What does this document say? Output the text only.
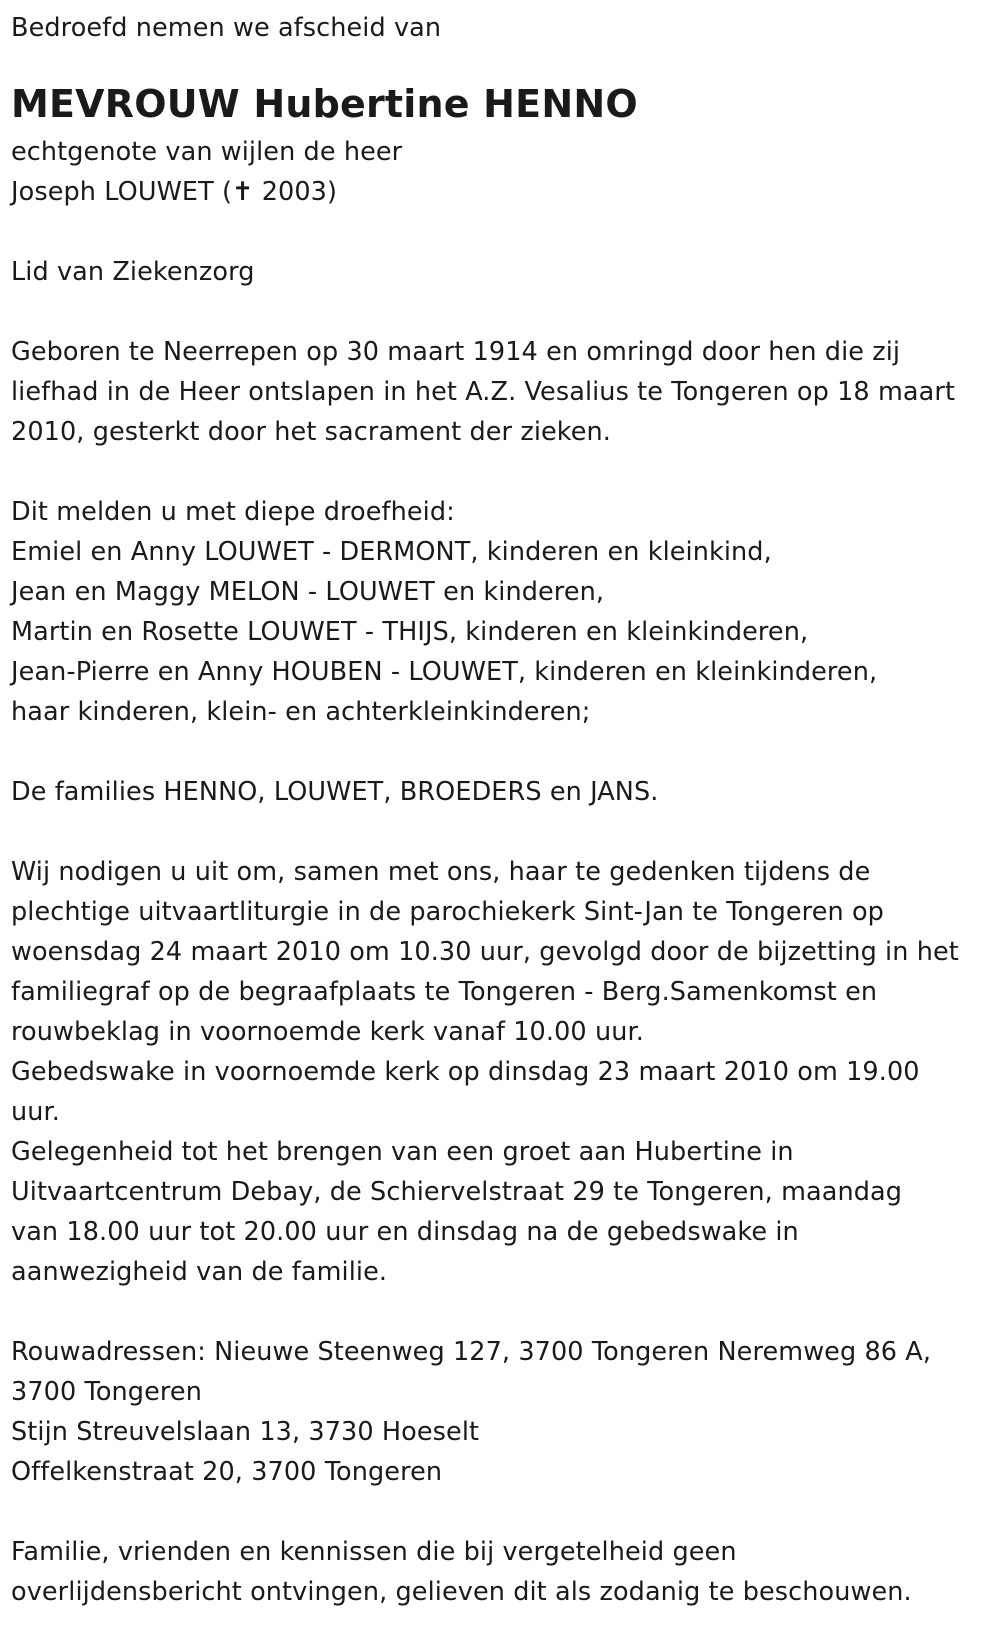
Bedroefd nemen we afscheid van
MEVROUW Hubertine HENNO
echtgenote van wijlen de heer
Joseph LOUWET (✝ 2003)
Lid van Ziekenzorg
Geboren te Neerrepen op 30 maart 1914 en omringd door hen die zij
liefhad in de Heer ontslapen in het A.Z. Vesalius te Tongeren op 18 maart
2010, gesterkt door het sacrament der zieken.
Dit melden u met diepe droefheid:
Emiel en Anny LOUWET - DERMONT, kinderen en kleinkind,
Jean en Maggy MELON - LOUWET en kinderen,
Martin en Rosette LOUWET - THIJS, kinderen en kleinkinderen,
Jean-Pierre en Anny HOUBEN - LOUWET, kinderen en kleinkinderen,
haar kinderen, klein- en achterkleinkinderen;
De families HENNO, LOUWET, BROEDERS en JANS.
Wij nodigen u uit om, samen met ons, haar te gedenken tijdens de
plechtige uitvaartliturgie in de parochiekerk Sint-Jan te Tongeren op
woensdag 24 maart 2010 om 10.30 uur, gevolgd door de bijzetting in het
familiegraf op de begraafplaats te Tongeren - Berg.Samenkomst en
rouwbeklag in voornoemde kerk vanaf 10.00 uur.
Gebedswake in voornoemde kerk op dinsdag 23 maart 2010 om 19.00
uur.
Gelegenheid tot het brengen van een groet aan Hubertine in
Uitvaartcentrum Debay, de Schiervelstraat 29 te Tongeren, maandag
van 18.00 uur tot 20.00 uur en dinsdag na de gebedswake in
aanwezigheid van de familie.
Rouwadressen: Nieuwe Steenweg 127, 3700 Tongeren Neremweg 86 A,
3700 Tongeren
Stijn Streuvelslaan 13, 3730 Hoeselt
Offelkenstraat 20, 3700 Tongeren
Familie, vrienden en kennissen die bij vergetelheid geen
overlijdensbericht ontvingen, gelieven dit als zodanig te beschouwen.
